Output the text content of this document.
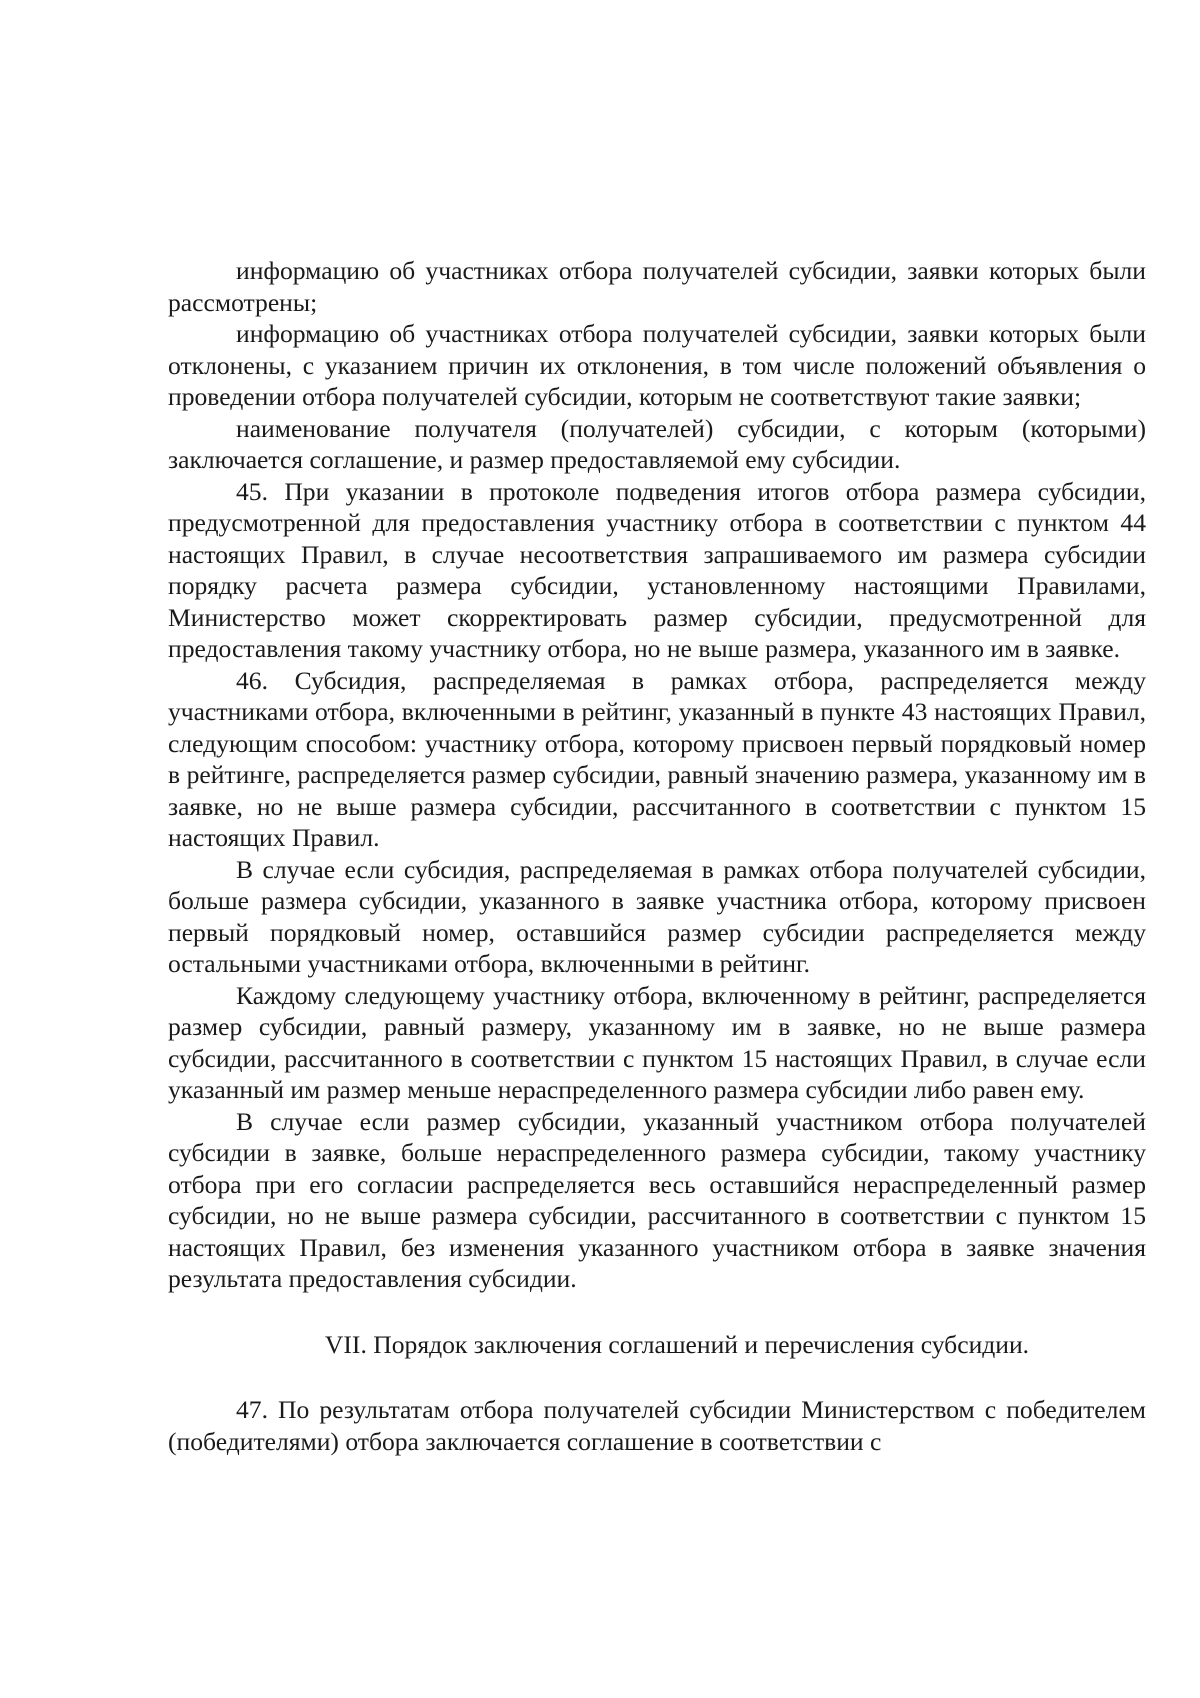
информацию об участниках отбора получателей субсидии, заявки которых были рассмотрены;

информацию об участниках отбора получателей субсидии, заявки которых были отклонены, с указанием причин их отклонения, в том числе положений объявления о проведении отбора получателей субсидии, которым не соответствуют такие заявки;

наименование получателя (получателей) субсидии, с которым (которыми) заключается соглашение, и размер предоставляемой ему субсидии.

45. При указании в протоколе подведения итогов отбора размера субсидии, предусмотренной для предоставления участнику отбора в соответствии с пунктом 44 настоящих Правил, в случае несоответствия запрашиваемого им размера субсидии порядку расчета размера субсидии, установленному настоящими Правилами, Министерство может скорректировать размер субсидии, предусмотренной для предоставления такому участнику отбора, но не выше размера, указанного им в заявке.

46. Субсидия, распределяемая в рамках отбора, распределяется между участниками отбора, включенными в рейтинг, указанный в пункте 43 настоящих Правил, следующим способом: участнику отбора, которому присвоен первый порядковый номер в рейтинге, распределяется размер субсидии, равный значению размера, указанному им в заявке, но не выше размера субсидии, рассчитанного в соответствии с пунктом 15 настоящих Правил.

В случае если субсидия, распределяемая в рамках отбора получателей субсидии, больше размера субсидии, указанного в заявке участника отбора, которому присвоен первый порядковый номер, оставшийся размер субсидии распределяется между остальными участниками отбора, включенными в рейтинг.

Каждому следующему участнику отбора, включенному в рейтинг, распределяется размер субсидии, равный размеру, указанному им в заявке, но не выше размера субсидии, рассчитанного в соответствии с пунктом 15 настоящих Правил, в случае если указанный им размер меньше нераспределенного размера субсидии либо равен ему.

В случае если размер субсидии, указанный участником отбора получателей субсидии в заявке, больше нераспределенного размера субсидии, такому участнику отбора при его согласии распределяется весь оставшийся нераспределенный размер субсидии, но не выше размера субсидии, рассчитанного в соответствии с пунктом 15 настоящих Правил, без изменения указанного участником отбора в заявке значения результата предоставления субсидии.

VII. Порядок заключения соглашений и перечисления субсидии.

47. По результатам отбора получателей субсидии Министерством с победителем (победителями) отбора заключается соглашение в соответствии с
